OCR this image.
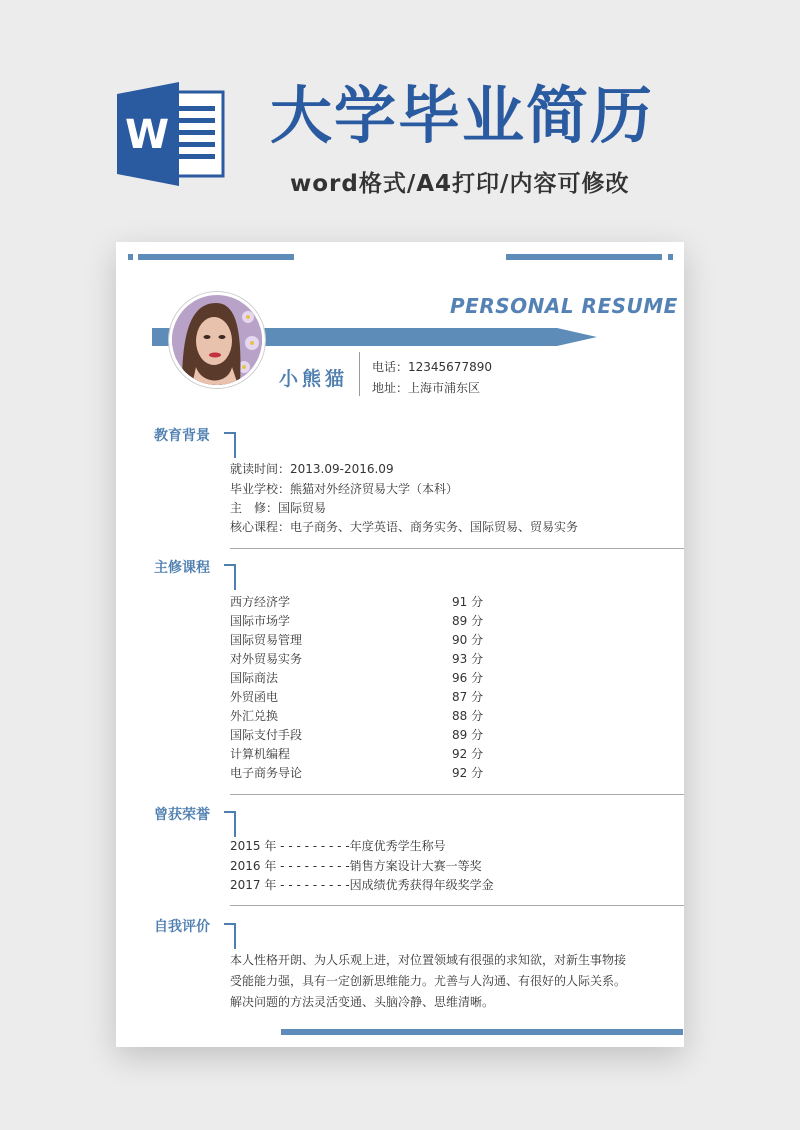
W 大学毕业简历
word格式/A4打印/内容可修改
PERSONAL RESUME
小熊猫
电话：12345677890
地址：上海市浦东区
教育背景
就读时间：2013.09-2016.09
毕业学校：熊猫对外经济贸易大学（本科）
主　修：国际贸易
核心课程：电子商务、大学英语、商务实务、国际贸易、贸易实务
主修课程
西方经济学	91 分
国际市场学	89 分
国际贸易管理	90 分
对外贸易实务	93 分
国际商法	96 分
外贸函电	87 分
外汇兑换	88 分
国际支付手段	89 分
计算机编程	92 分
电子商务导论	92 分
曾获荣誉
2015 年 - - - - - - - - -年度优秀学生称号
2016 年 - - - - - - - - -销售方案设计大赛一等奖
2017 年 - - - - - - - - -因成绩优秀获得年级奖学金
自我评价
本人性格开朗、为人乐观上进，对位置领域有很强的求知欲，对新生事物接受能能力强，具有一定创新思维能力。尤善与人沟通、有很好的人际关系。解决问题的方法灵活变通、头脑冷静、思维清晰。
